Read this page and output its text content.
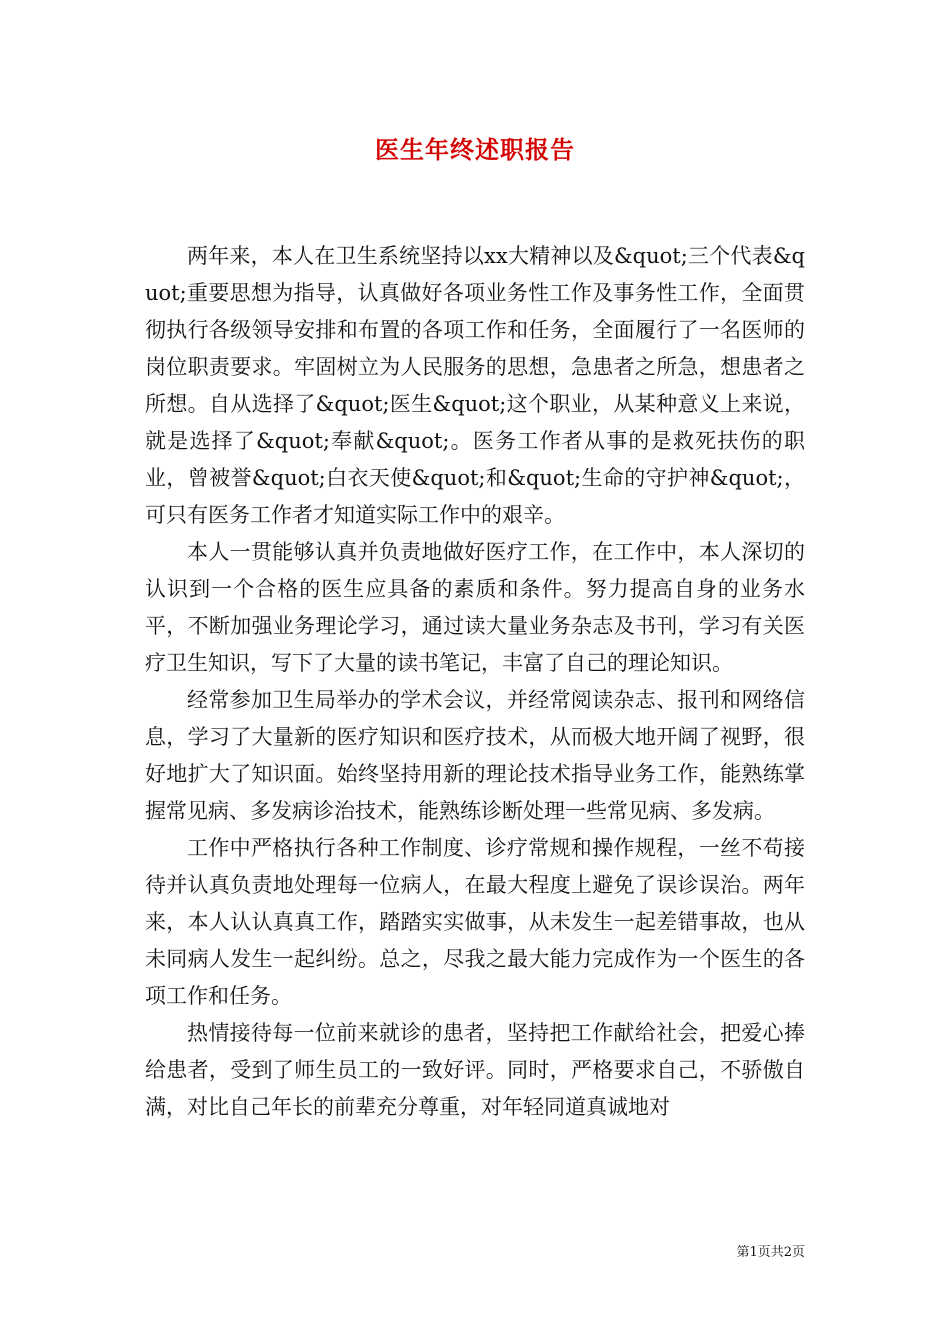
医生年终述职报告

两年来，本人在卫生系统坚持以xx大精神以及&quot;三个代表&quot;重要思想为指导，认真做好各项业务性工作及事务性工作，全面贯彻执行各级领导安排和布置的各项工作和任务，全面履行了一名医师的岗位职责要求。牢固树立为人民服务的思想，急患者之所急，想患者之所想。自从选择了&quot;医生&quot;这个职业，从某种意义上来说，就是选择了&quot;奉献&quot;。医务工作者从事的是救死扶伤的职业，曾被誉&quot;白衣天使&quot;和&quot;生命的守护神&quot;，可只有医务工作者才知道实际工作中的艰辛。

本人一贯能够认真并负责地做好医疗工作，在工作中，本人深切的认识到一个合格的医生应具备的素质和条件。努力提高自身的业务水平，不断加强业务理论学习，通过读大量业务杂志及书刊，学习有关医疗卫生知识，写下了大量的读书笔记，丰富了自己的理论知识。

经常参加卫生局举办的学术会议，并经常阅读杂志、报刊和网络信息，学习了大量新的医疗知识和医疗技术，从而极大地开阔了视野，很好地扩大了知识面。始终坚持用新的理论技术指导业务工作，能熟练掌握常见病、多发病诊治技术，能熟练诊断处理一些常见病、多发病。

工作中严格执行各种工作制度、诊疗常规和操作规程，一丝不苟接待并认真负责地处理每一位病人，在最大程度上避免了误诊误治。两年来，本人认认真真工作，踏踏实实做事，从未发生一起差错事故，也从未同病人发生一起纠纷。总之，尽我之最大能力完成作为一个医生的各项工作和任务。

热情接待每一位前来就诊的患者，坚持把工作献给社会，把爱心捧给患者，受到了师生员工的一致好评。同时，严格要求自己，不骄傲自满，对比自己年长的前辈充分尊重，对年轻同道真诚地对

第1页共2页
